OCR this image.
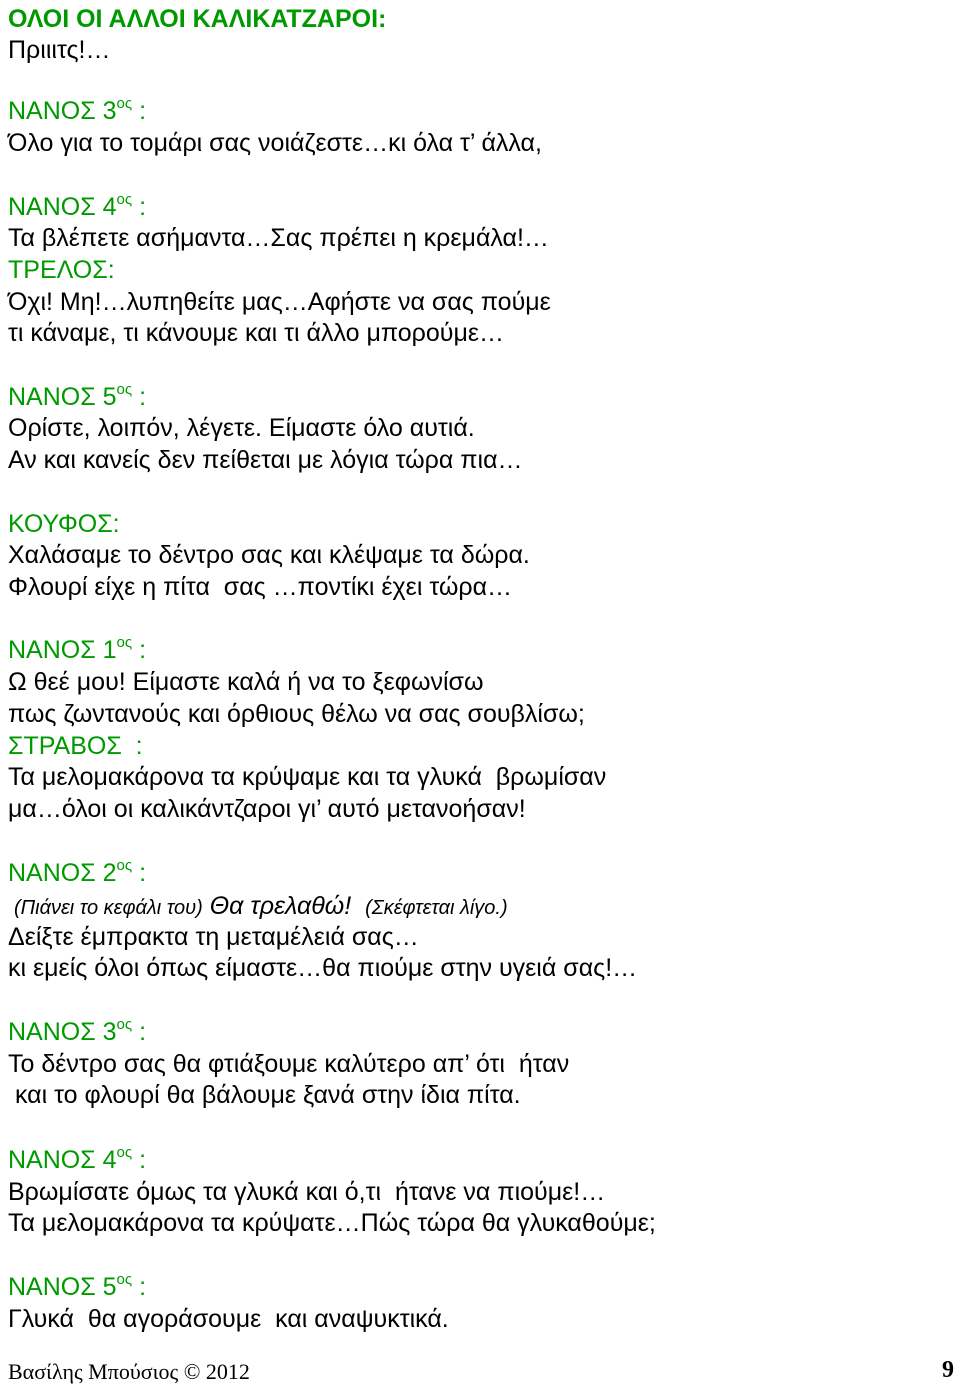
ΟΛΟΙ ΟΙ ΑΛΛΟΙ ΚΑΛΙΚΑΤΖΑΡΟΙ:
Πριιιτς!…
ΝΑΝΟΣ $3^{o\varsigma}$ :
Όλο για το τομάρι σας νοιάζεστε…κι όλα τ’ άλλα,
ΝΑΝΟΣ $4^{o\varsigma}$ :
Τα βλέπετε ασήμαντα…Σας πρέπει η κρεμάλα!…
ΤΡΕΛΟΣ:
Όχι! Μη!…λυπηθείτε μας…Αφήστε να σας πούμε
τι κάναμε, τι κάνουμε και τι άλλο μπορούμε…
ΝΑΝΟΣ $5^{o\varsigma}$ :
Ορίστε, λοιπόν, λέγετε. Είμαστε όλο αυτιά.
Αν και κανείς δεν πείθεται με λόγια τώρα πια…
ΚΟΥΦΟΣ:
Χαλάσαμε το δέντρο σας και κλέψαμε τα δώρα.
Φλουρί είχε η πίτα  σας …ποντίκι έχει τώρα…
ΝΑΝΟΣ $1^{o\varsigma}$ :
Ω θεέ μου! Είμαστε καλά ή να το ξεφωνίσω
πως ζωντανούς και όρθιους θέλω να σας σουβλίσω;
ΣΤΡΑΒΟΣ  :
Τα μελομακάρονα τα κρύψαμε και τα γλυκά  βρωμίσαν
μα…όλοι οι καλικάντζαροι γι’ αυτό μετανοήσαν!
ΝΑΝΟΣ $2^{o\varsigma}$ :
(Πιάνει το κεφάλι του) Θα τρελαθώ! (Σκέφτεται λίγο.)
Δείξτε έμπρακτα τη μεταμέλειά σας…
κι εμείς όλοι όπως είμαστε…θα πιούμε στην υγειά σας!…
ΝΑΝΟΣ $3^{o\varsigma}$ :
Το δέντρο σας θα φτιάξουμε καλύτερο απ’ ότι  ήταν
και το φλουρί θα βάλουμε ξανά στην ίδια πίτα.
ΝΑΝΟΣ $4^{o\varsigma}$ :
Βρωμίσατε όμως τα γλυκά και ό,τι  ήτανε να πιούμε!…
Τα μελομακάρονα τα κρύψατε…Πώς τώρα θα γλυκαθούμε;
ΝΑΝΟΣ $5^{o\varsigma}$ :
Γλυκά  θα αγοράσουμε  και αναψυκτικά.
Βασίλης Μπούσιος © 2012	9
